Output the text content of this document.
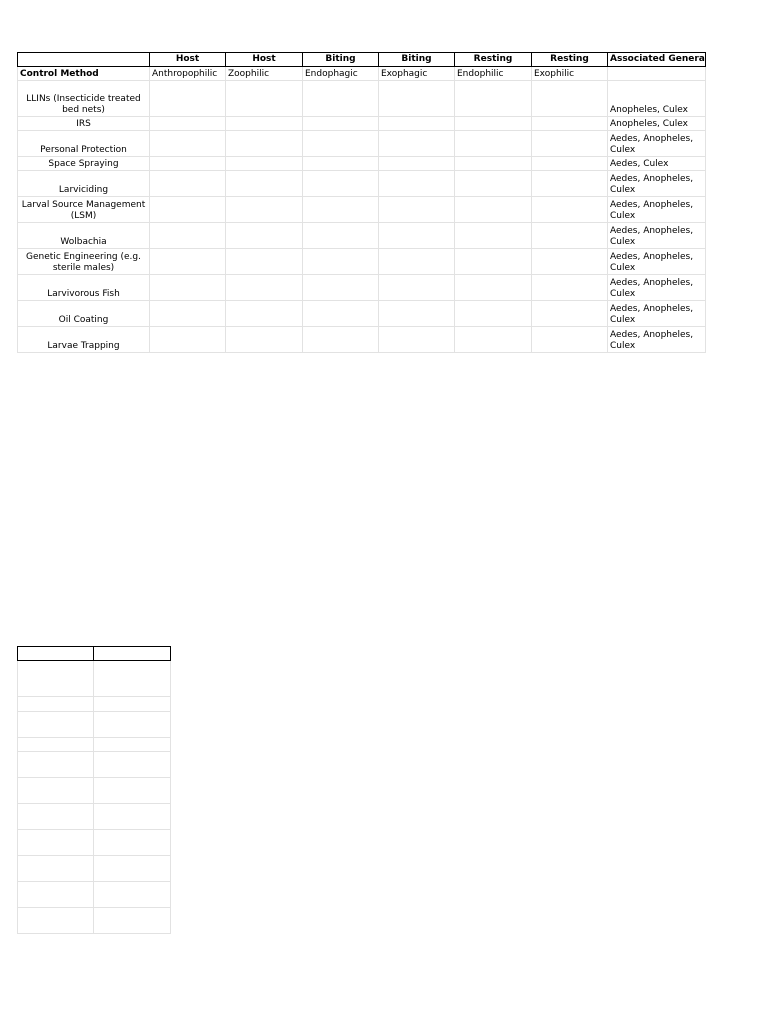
	Host	Host	Biting	Biting	Resting	Resting	Associated Genera
Control Method	Anthropophilic	Zoophilic	Endophagic	Exophagic	Endophilic	Exophilic	
LLINs (Insecticide treated bed nets)							Anopheles, Culex
IRS							Anopheles, Culex
Personal Protection							Aedes, Anopheles, Culex
Space Spraying							Aedes, Culex
Larviciding							Aedes, Anopheles, Culex
Larval Source Management (LSM)							Aedes, Anopheles, Culex
Wolbachia							Aedes, Anopheles, Culex
Genetic Engineering (e.g. sterile males)							Aedes, Anopheles, Culex
Larvivorous Fish							Aedes, Anopheles, Culex
Oil Coating							Aedes, Anopheles, Culex
Larvae Trapping							Aedes, Anopheles, Culex
